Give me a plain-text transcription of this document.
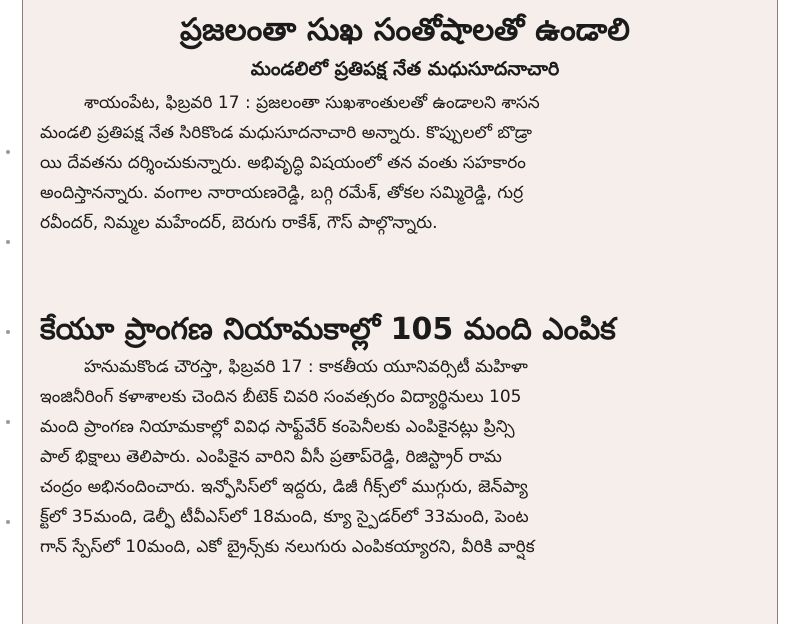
ప్రజలంతా సుఖ సంతోషాలతో ఉండాలి
మండలిలో ప్రతిపక్ష నేత మధుసూదనాచారి
శాయంపేట, ఫిబ్రవరి 17 : ప్రజలంతా సుఖశాంతులతో ఉండాలని శాసన
మండలి ప్రతిపక్ష నేత సిరికొండ మధుసూదనాచారి అన్నారు. కొప్పులలో బొడ్రా
యి దేవతను దర్శించుకున్నారు. అభివృద్ధి విషయంలో తన వంతు సహకారం
అందిస్తానన్నారు. వంగాల నారాయణరెడ్డి, బగ్గి రమేశ్‌, తోకల సమ్మిరెడ్డి, గుర్ర
రవీందర్‌, నిమ్మల మహేందర్‌, బెరుగు రాకేశ్‌, గౌస్‌ పాల్గొన్నారు.
కేయూ ప్రాంగణ నియామకాల్లో 105 మంది ఎంపిక
హనుమకొండ చౌరస్తా, ఫిబ్రవరి 17 : కాకతీయ యూనివర్సిటీ మహిళా
ఇంజినీరింగ్‌ కళాశాలకు చెందిన బీటెక్‌ చివరి సంవత్సరం విద్యార్థినులు 105
మంది ప్రాంగణ నియామకాల్లో వివిధ సాఫ్ట్‌వేర్‌ కంపెనీలకు ఎంపికైనట్లు ప్రిన్సి
పాల్‌ భిక్షాలు తెలిపారు. ఎంపికైన వారిని వీసీ ప్రతాప్‌రెడ్డి, రిజిస్ట్రార్‌ రామ
చంద్రం అభినందించారు. ఇన్ఫోసిస్‌లో ఇద్దరు, డిజీ గీక్స్‌లో ముగ్గురు, జెన్‌ప్యా
క్ట్‌లో 35మంది, డెల్ఫీ టీవీఎస్‌లో 18మంది, క్యూ స్పైడర్‌లో 33మంది, పెంట
గాన్‌ స్పేస్‌లో 10మంది, ఎకో బ్రైన్స్‌కు నలుగురు ఎంపికయ్యారని, వీరికి వార్షిక
